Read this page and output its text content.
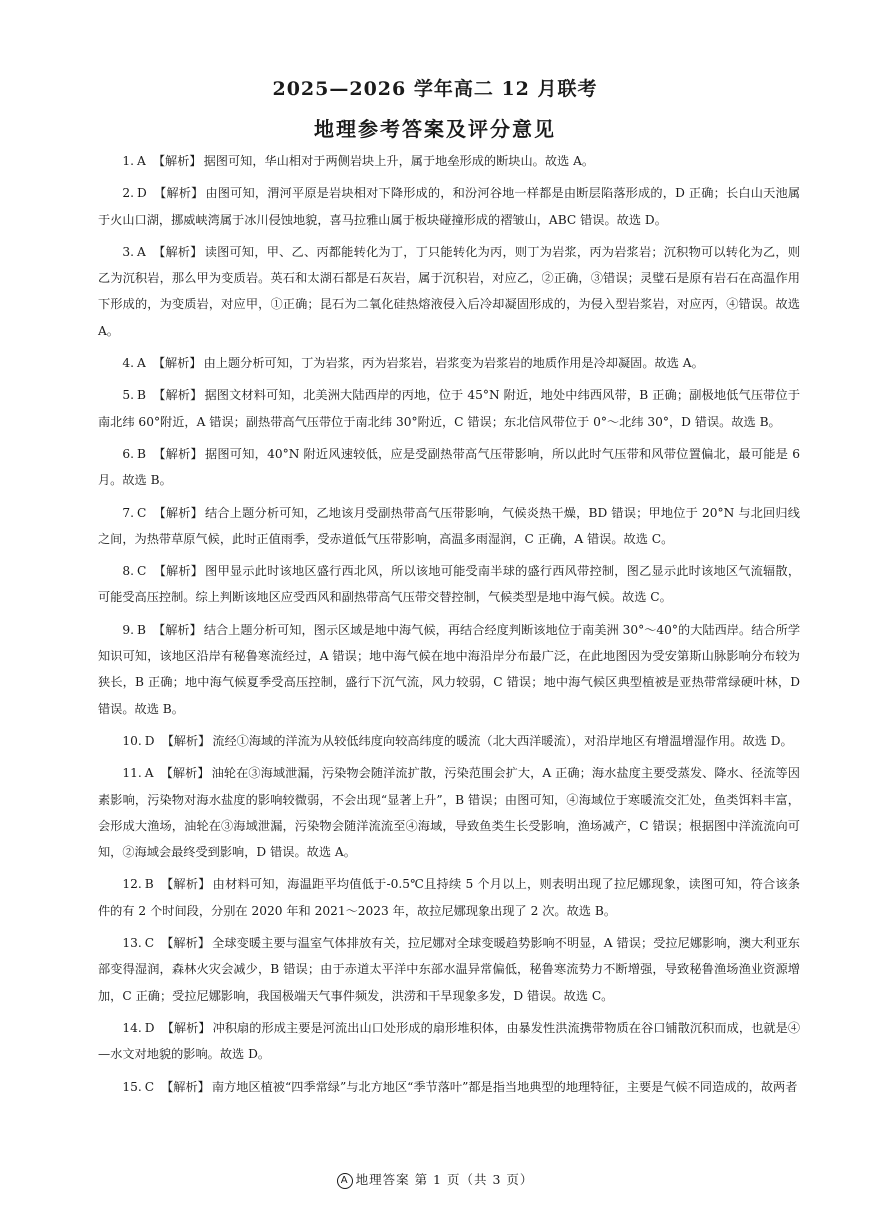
2025—2026 学年高二 12 月联考
地理参考答案及评分意见

1. A 【解析】 据图可知，华山相对于两侧岩块上升，属于地垒形成的断块山。故选 A。

2. D 【解析】 由图可知，渭河平原是岩块相对下降形成的，和汾河谷地一样都是由断层陷落形成的，D 正确；长白山天池属于火山口湖，挪威峡湾属于冰川侵蚀地貌，喜马拉雅山属于板块碰撞形成的褶皱山，ABC 错误。故选 D。

3. A 【解析】 读图可知，甲、乙、丙都能转化为丁，丁只能转化为丙，则丁为岩浆，丙为岩浆岩；沉积物可以转化为乙，则乙为沉积岩，那么甲为变质岩。英石和太湖石都是石灰岩，属于沉积岩，对应乙，②正确，③错误；灵璧石是原有岩石在高温作用下形成的，为变质岩，对应甲，①正确；昆石为二氧化硅热熔液侵入后冷却凝固形成的，为侵入型岩浆岩，对应丙，④错误。故选 A。

4. A 【解析】 由上题分析可知，丁为岩浆，丙为岩浆岩，岩浆变为岩浆岩的地质作用是冷却凝固。故选 A。

5. B 【解析】 据图文材料可知，北美洲大陆西岸的丙地，位于 45°N 附近，地处中纬西风带，B 正确；副极地低气压带位于南北纬 60°附近，A 错误；副热带高气压带位于南北纬 30°附近，C 错误；东北信风带位于 0°～北纬 30°，D 错误。故选 B。

6. B 【解析】 据图可知，40°N 附近风速较低，应是受副热带高气压带影响，所以此时气压带和风带位置偏北，最可能是 6 月。故选 B。

7. C 【解析】 结合上题分析可知，乙地该月受副热带高气压带影响，气候炎热干燥，BD 错误；甲地位于 20°N 与北回归线之间，为热带草原气候，此时正值雨季，受赤道低气压带影响，高温多雨湿润，C 正确，A 错误。故选 C。

8. C 【解析】 图甲显示此时该地区盛行西北风，所以该地可能受南半球的盛行西风带控制，图乙显示此时该地区气流辐散，可能受高压控制。综上判断该地区应受西风和副热带高气压带交替控制，气候类型是地中海气候。故选 C。

9. B 【解析】 结合上题分析可知，图示区域是地中海气候，再结合经度判断该地位于南美洲 30°～40°的大陆西岸。结合所学知识可知，该地区沿岸有秘鲁寒流经过，A 错误；地中海气候在地中海沿岸分布最广泛，在此地图因为受安第斯山脉影响分布较为狭长，B 正确；地中海气候夏季受高压控制，盛行下沉气流，风力较弱，C 错误；地中海气候区典型植被是亚热带常绿硬叶林，D 错误。故选 B。

10. D 【解析】 流经①海域的洋流为从较低纬度向较高纬度的暖流（北大西洋暖流），对沿岸地区有增温增湿作用。故选 D。

11. A 【解析】 油轮在③海域泄漏，污染物会随洋流扩散，污染范围会扩大，A 正确；海水盐度主要受蒸发、降水、径流等因素影响，污染物对海水盐度的影响较微弱，不会出现“显著上升”，B 错误；由图可知，④海域位于寒暖流交汇处，鱼类饵料丰富，会形成大渔场，油轮在③海域泄漏，污染物会随洋流流至④海域，导致鱼类生长受影响，渔场减产，C 错误；根据图中洋流流向可知，②海域会最终受到影响，D 错误。故选 A。

12. B 【解析】 由材料可知，海温距平均值低于-0.5℃且持续 5 个月以上，则表明出现了拉尼娜现象，读图可知，符合该条件的有 2 个时间段，分别在 2020 年和 2021～2023 年，故拉尼娜现象出现了 2 次。故选 B。

13. C 【解析】 全球变暖主要与温室气体排放有关，拉尼娜对全球变暖趋势影响不明显，A 错误；受拉尼娜影响，澳大利亚东部变得湿润，森林火灾会减少，B 错误；由于赤道太平洋中东部水温异常偏低，秘鲁寒流势力不断增强，导致秘鲁渔场渔业资源增加，C 正确；受拉尼娜影响，我国极端天气事件频发，洪涝和干旱现象多发，D 错误。故选 C。

14. D 【解析】 冲积扇的形成主要是河流出山口处形成的扇形堆积体，由暴发性洪流携带物质在谷口铺散沉积而成，也就是④—水文对地貌的影响。故选 D。

15. C 【解析】 南方地区植被“四季常绿”与北方地区“季节落叶”都是指当地典型的地理特征，主要是气候不同造成的，故两者

A 地理答案 第 1 页（共 3 页）
